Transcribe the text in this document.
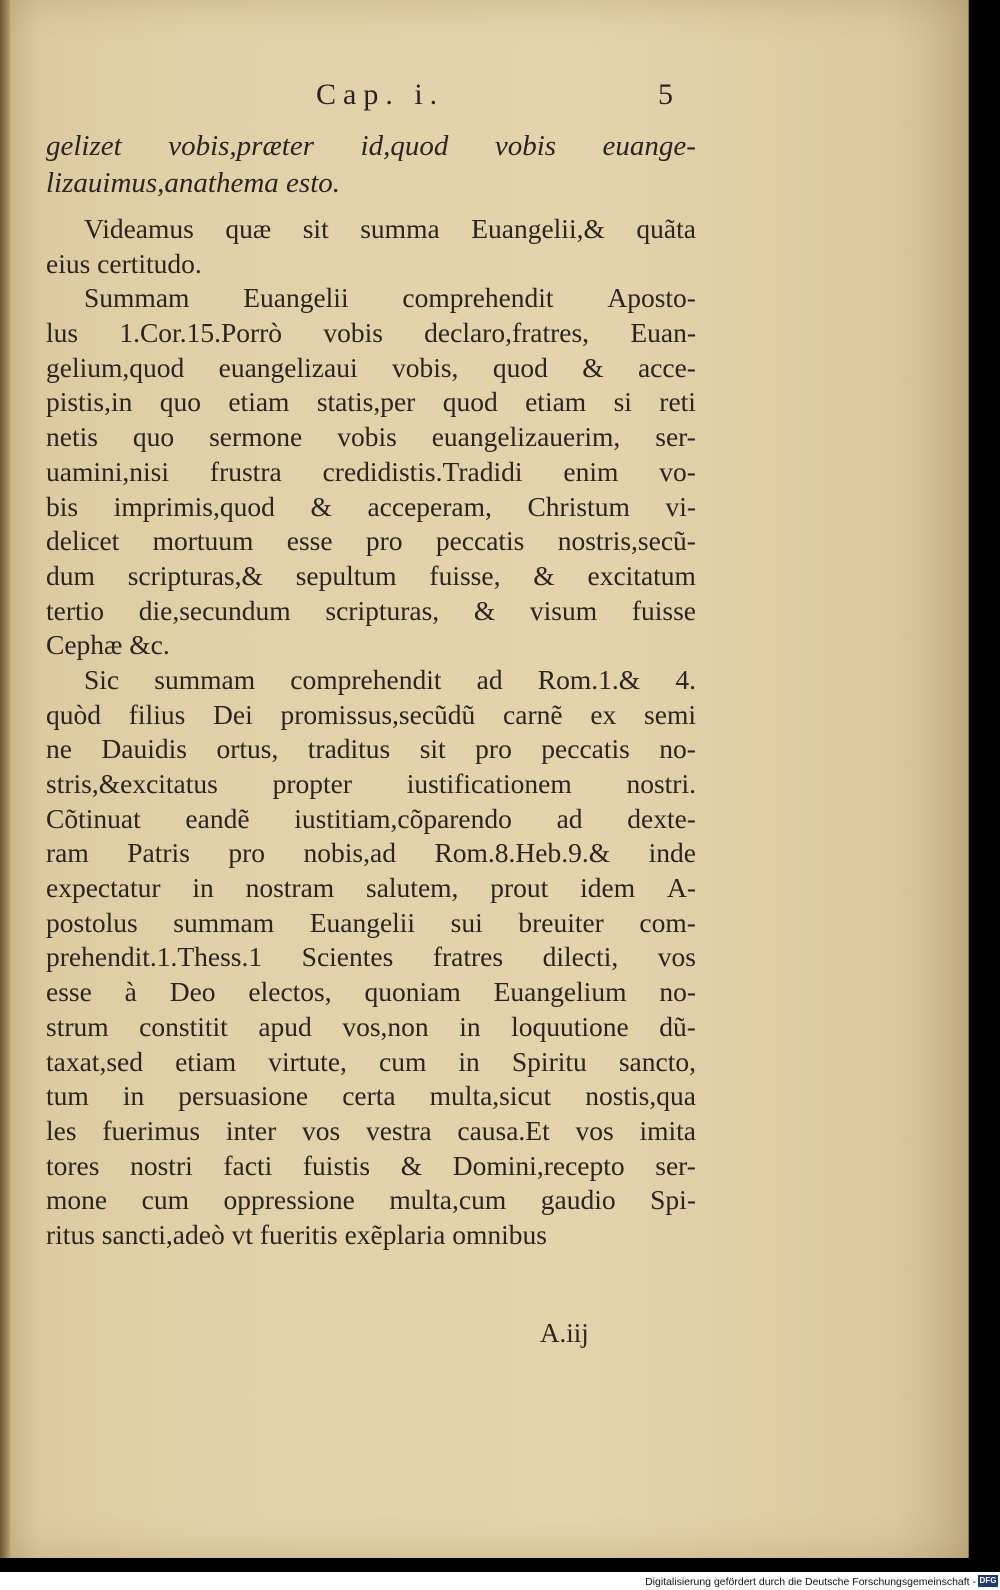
Cap. i.	5
gelizet vobis,præter id,quod vobis euange-
lizauimus,anathema esto.
Videamus quæ sit summa Euangelii,& quãta
eius certitudo.
Summam Euangelii comprehendit Aposto-
lus 1.Cor.15.Porrò vobis declaro,fratres, Euan-
gelium,quod euangelizaui vobis, quod & acce-
pistis,in quo etiam statis,per quod etiam si reti
netis quo sermone vobis euangelizauerim, ser-
uamini,nisi frustra credidistis.Tradidi enim vo-
bis imprimis,quod & acceperam, Christum vi-
delicet mortuum esse pro peccatis nostris,secũ-
dum scripturas,& sepultum fuisse, & excitatum
tertio die,secundum scripturas, & visum fuisse
Cephæ &c.
Sic summam comprehendit ad Rom.1.& 4.
quòd filius Dei promissus,secũdũ carnẽ ex semi
ne Dauidis ortus, traditus sit pro peccatis no-
stris,&excitatus propter iustificationem nostri.
Cõtinuat eandẽ iustitiam,cõparendo ad dexte-
ram Patris pro nobis,ad Rom.8.Heb.9.& inde
expectatur in nostram salutem, prout idem A-
postolus summam Euangelii sui breuiter com-
prehendit.1.Thess.1 Scientes fratres dilecti, vos
esse à Deo electos, quoniam Euangelium no-
strum constitit apud vos,non in loquutione dũ-
taxat,sed etiam virtute, cum in Spiritu sancto,
tum in persuasione certa multa,sicut nostis,qua
les fuerimus inter vos vestra causa.Et vos imita
tores nostri facti fuistis & Domini,recepto ser-
mone cum oppressione multa,cum gaudio Spi-
ritus sancti,adeò vt fueritis exẽplaria omnibus
A.iij
Digitalisierung gefördert durch die Deutsche Forschungsgemeinschaft - DFG
